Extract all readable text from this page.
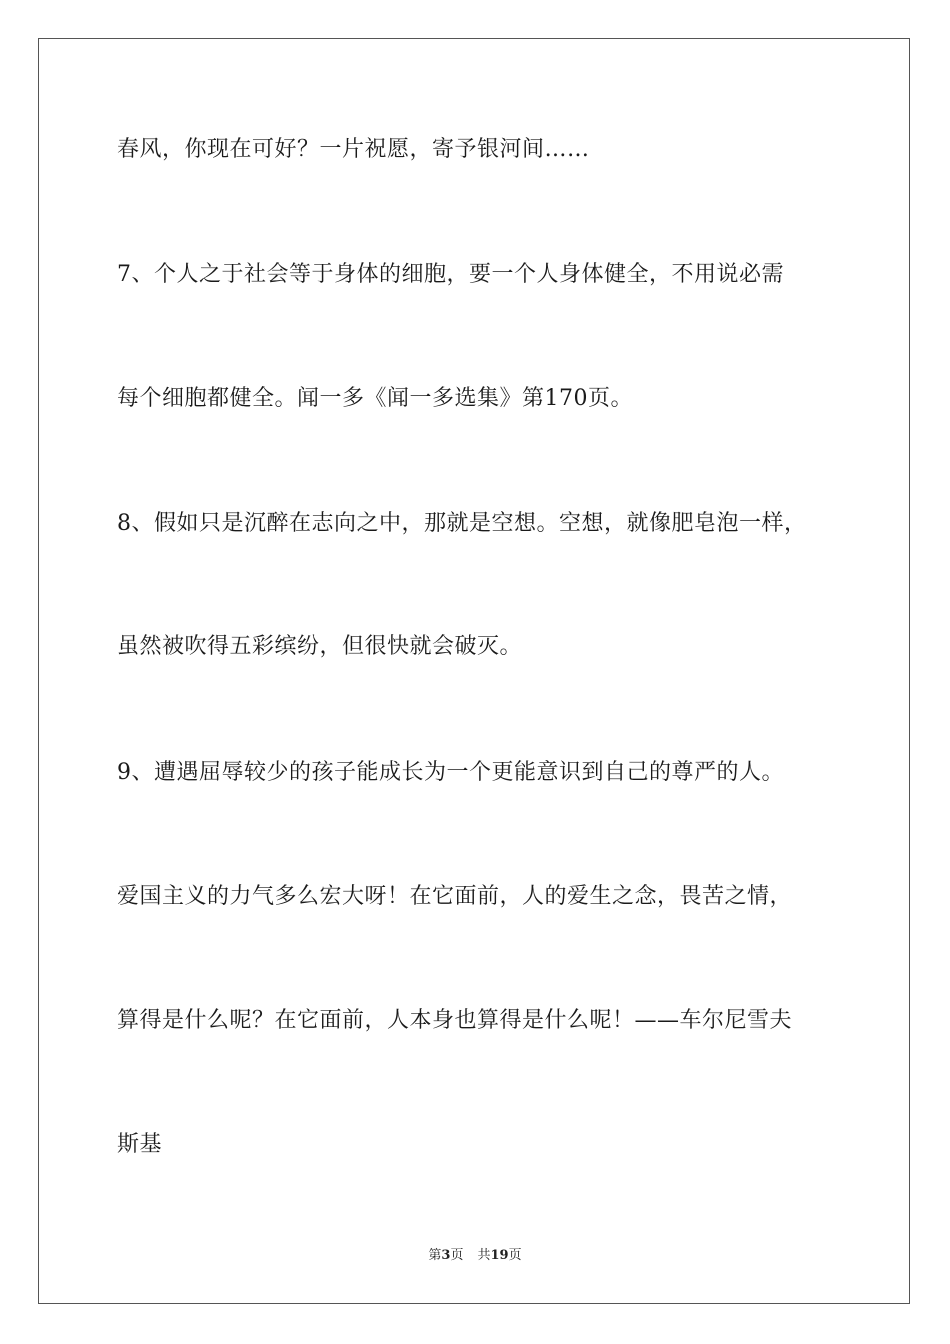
春风，你现在可好？一片祝愿，寄予银河间……
7、个人之于社会等于身体的细胞，要一个人身体健全，不用说必需
每个细胞都健全。闻一多《闻一多选集》第170页。
8、假如只是沉醉在志向之中，那就是空想。空想，就像肥皂泡一样，
虽然被吹得五彩缤纷，但很快就会破灭。
9、遭遇屈辱较少的孩子能成长为一个更能意识到自己的尊严的人。
爱国主义的力气多么宏大呀！在它面前，人的爱生之念，畏苦之情，
算得是什么呢？在它面前，人本身也算得是什么呢！——车尔尼雪夫
斯基
第3页 共19页
